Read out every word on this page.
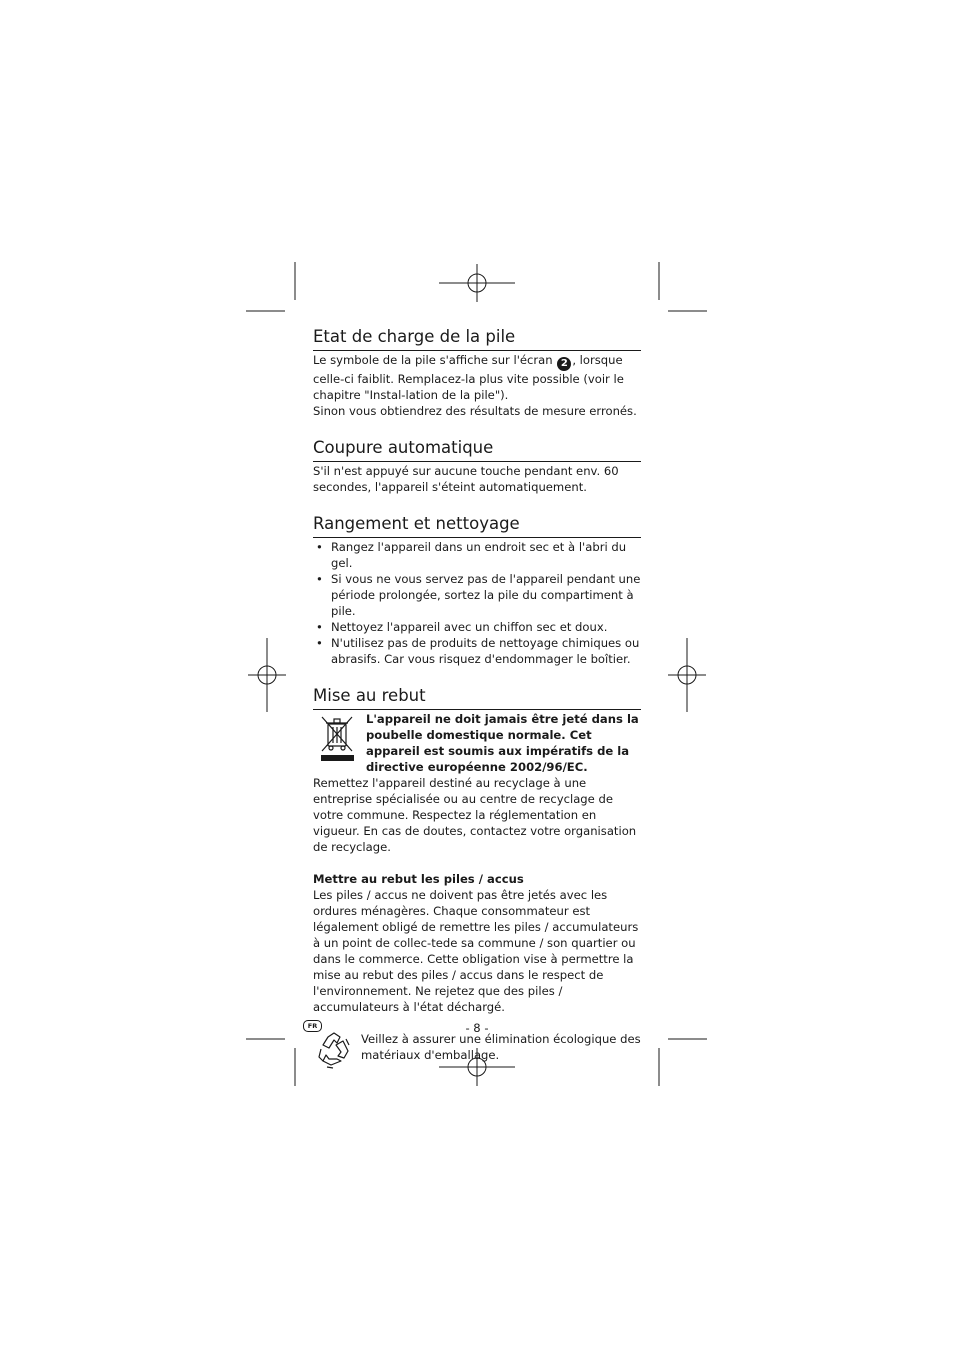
Etat de charge de la pile

Le symbole de la pile s'affiche sur l'écran 2 , lorsque celle-ci faiblit. Remplacez-la plus vite possible (voir le chapitre "Instal-lation de la pile").

Sinon vous obtiendrez des résultats de mesure erronés.

Coupure automatique

S'il n'est appuyé sur aucune touche pendant env. 60 secondes, l'appareil s'éteint automatiquement.

Rangement et nettoyage
• Rangez l'appareil dans un endroit sec et à l'abri du gel.
• Si vous ne vous servez pas de l'appareil pendant une période prolongée, sortez la pile du compartiment à pile.
• Nettoyez l'appareil avec un chiffon sec et doux.
• N'utilisez pas de produits de nettoyage chimiques ou abrasifs. Car vous risquez d'endommager le boîtier.
Mise au rebut
L'appareil ne doit jamais être jeté dans la poubelle domestique normale. Cet appareil est soumis aux impératifs de la directive européenne 2002/96/EC.

Remettez l'appareil destiné au recyclage à une entreprise spécialisée ou au centre de recyclage de votre commune. Respectez la réglementation en vigueur. En cas de doutes, contactez votre organisation de recyclage.

Mettre au rebut les piles / accus

Les piles / accus ne doivent pas être jetés avec les ordures ménagères. Chaque consommateur est légalement obligé de remettre les piles / accumulateurs à un point de collec-tede sa commune / son quartier ou dans le commerce. Cette obligation vise à permettre la mise au rebut des piles / accus dans le respect de l'environnement. Ne rejetez que des piles / accumulateurs à l'état déchargé.

Veillez à assurer une élimination écologique des matériaux d'emballage.

FR	- 8 -
